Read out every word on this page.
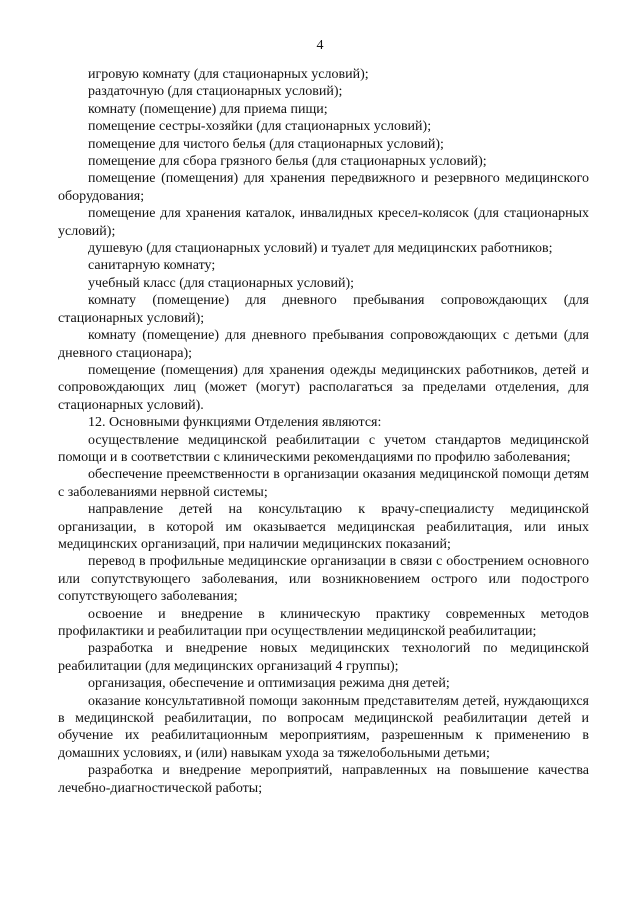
4

игровую комнату (для стационарных условий);

раздаточную (для стационарных условий);

комнату (помещение) для приема пищи;

помещение сестры-хозяйки (для стационарных условий);

помещение для чистого белья (для стационарных условий);

помещение для сбора грязного белья (для стационарных условий);

помещение (помещения) для хранения передвижного и резервного медицинского оборудования;

помещение для хранения каталок, инвалидных кресел-колясок (для стационарных условий);

душевую (для стационарных условий) и туалет для медицинских работников;

санитарную комнату;

учебный класс (для стационарных условий);

комнату (помещение) для дневного пребывания сопровождающих (для стационарных условий);

комнату (помещение) для дневного пребывания сопровождающих с детьми (для дневного стационара);

помещение (помещения) для хранения одежды медицинских работников, детей и сопровождающих лиц (может (могут) располагаться за пределами отделения, для стационарных условий).

12. Основными функциями Отделения являются:

осуществление медицинской реабилитации с учетом стандартов медицинской помощи и в соответствии с клиническими рекомендациями по профилю заболевания;

обеспечение преемственности в организации оказания медицинской помощи детям с заболеваниями нервной системы;

направление детей на консультацию к врачу-специалисту медицинской организации, в которой им оказывается медицинская реабилитация, или иных медицинских организаций, при наличии медицинских показаний;

перевод в профильные медицинские организации в связи с обострением основного или сопутствующего заболевания, или возникновением острого или подострого сопутствующего заболевания;

освоение и внедрение в клиническую практику современных методов профилактики и реабилитации при осуществлении медицинской реабилитации;

разработка и внедрение новых медицинских технологий по медицинской реабилитации (для медицинских организаций 4 группы);

организация, обеспечение и оптимизация режима дня детей;

оказание консультативной помощи законным представителям детей, нуждающихся в медицинской реабилитации, по вопросам медицинской реабилитации детей и обучение их реабилитационным мероприятиям, разрешенным к применению в домашних условиях, и (или) навыкам ухода за тяжелобольными детьми;

разработка и внедрение мероприятий, направленных на повышение качества лечебно-диагностической работы;
